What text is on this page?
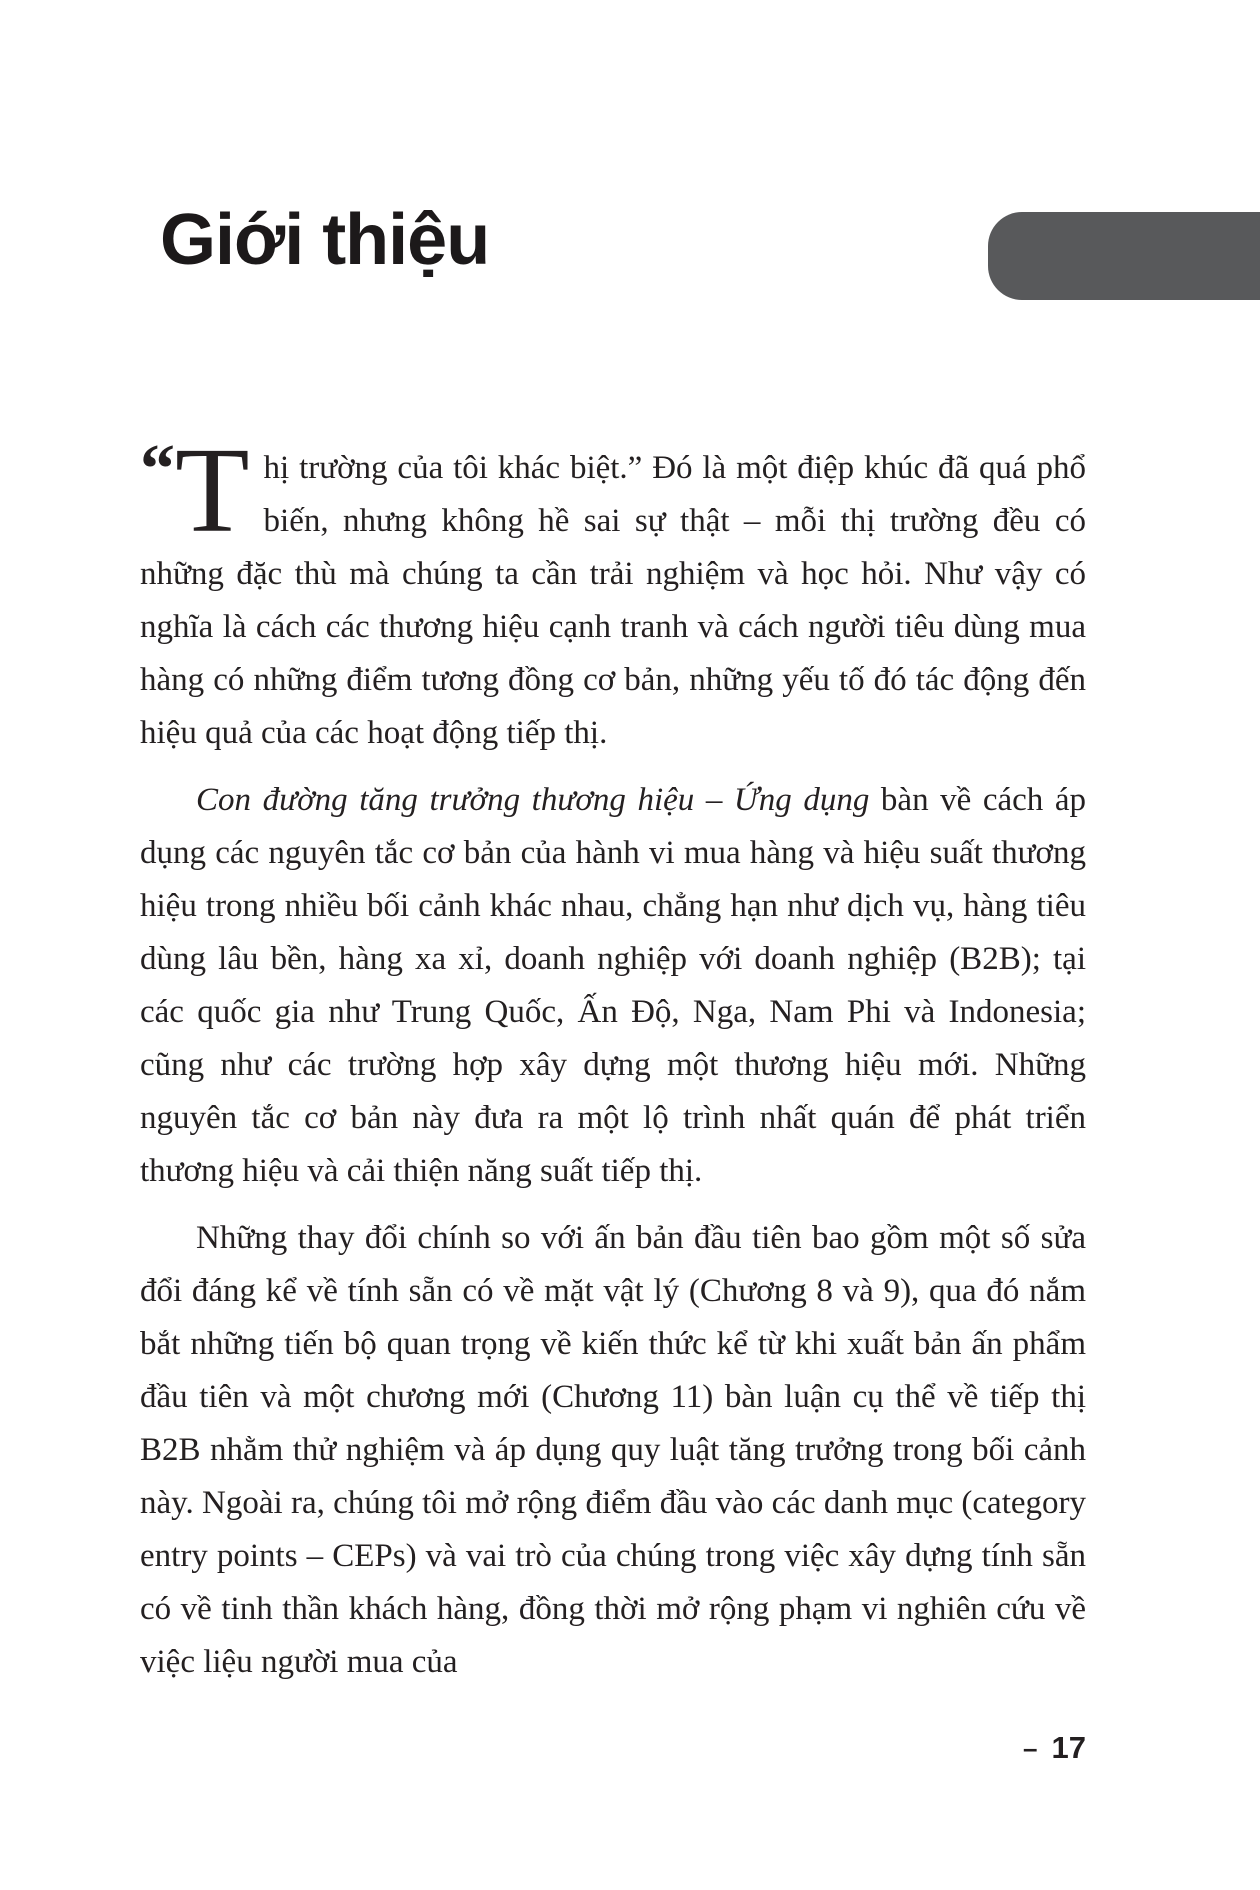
Giới thiệu

“ T hị trường của tôi khác biệt.” Đó là một điệp khúc đã quá phổ biến, nhưng không hề sai sự thật – mỗi thị trường đều có những đặc thù mà chúng ta cần trải nghiệm và học hỏi. Như vậy có nghĩa là cách các thương hiệu cạnh tranh và cách người tiêu dùng mua hàng có những điểm tương đồng cơ bản, những yếu tố đó tác động đến hiệu quả của các hoạt động tiếp thị.

Con đường tăng trưởng thương hiệu – Ứng dụng bàn về cách áp dụng các nguyên tắc cơ bản của hành vi mua hàng và hiệu suất thương hiệu trong nhiều bối cảnh khác nhau, chẳng hạn như dịch vụ, hàng tiêu dùng lâu bền, hàng xa xỉ, doanh nghiệp với doanh nghiệp (B2B); tại các quốc gia như Trung Quốc, Ấn Độ, Nga, Nam Phi và Indonesia; cũng như các trường hợp xây dựng một thương hiệu mới. Những nguyên tắc cơ bản này đưa ra một lộ trình nhất quán để phát triển thương hiệu và cải thiện năng suất tiếp thị.

Những thay đổi chính so với ấn bản đầu tiên bao gồm một số sửa đổi đáng kể về tính sẵn có về mặt vật lý (Chương 8 và 9), qua đó nắm bắt những tiến bộ quan trọng về kiến thức kể từ khi xuất bản ấn phẩm đầu tiên và một chương mới (Chương 11) bàn luận cụ thể về tiếp thị B2B nhằm thử nghiệm và áp dụng quy luật tăng trưởng trong bối cảnh này. Ngoài ra, chúng tôi mở rộng điểm đầu vào các danh mục (category entry points – CEPs) và vai trò của chúng trong việc xây dựng tính sẵn có về tinh thần khách hàng, đồng thời mở rộng phạm vi nghiên cứu về việc liệu người mua của

– 17
